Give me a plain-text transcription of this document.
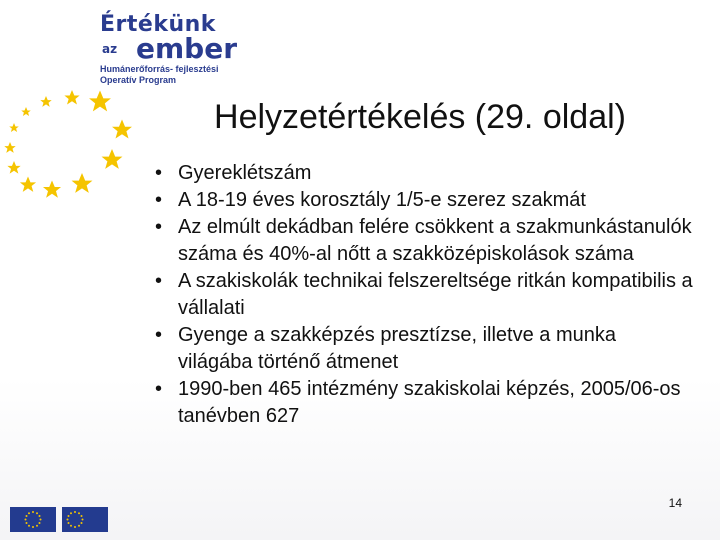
Értékünk
az ember
Humánerőforrás- fejlesztési
Operatív Program
Helyzetértékelés (29. oldal)
• Gyereklétszám
• A 18-19 éves korosztály 1/5-e szerez szakmát
• Az elmúlt dekádban felére csökkent a szakmunkástanulók száma és 40%-al nőtt a szakközépiskolások száma
• A szakiskolák technikai felszereltsége ritkán kompatibilis a vállalati
• Gyenge a szakképzés presztízse, illetve a munka világába történő átmenet
• 1990-ben 465 intézmény szakiskolai képzés, 2005/06-os tanévben 627
14
